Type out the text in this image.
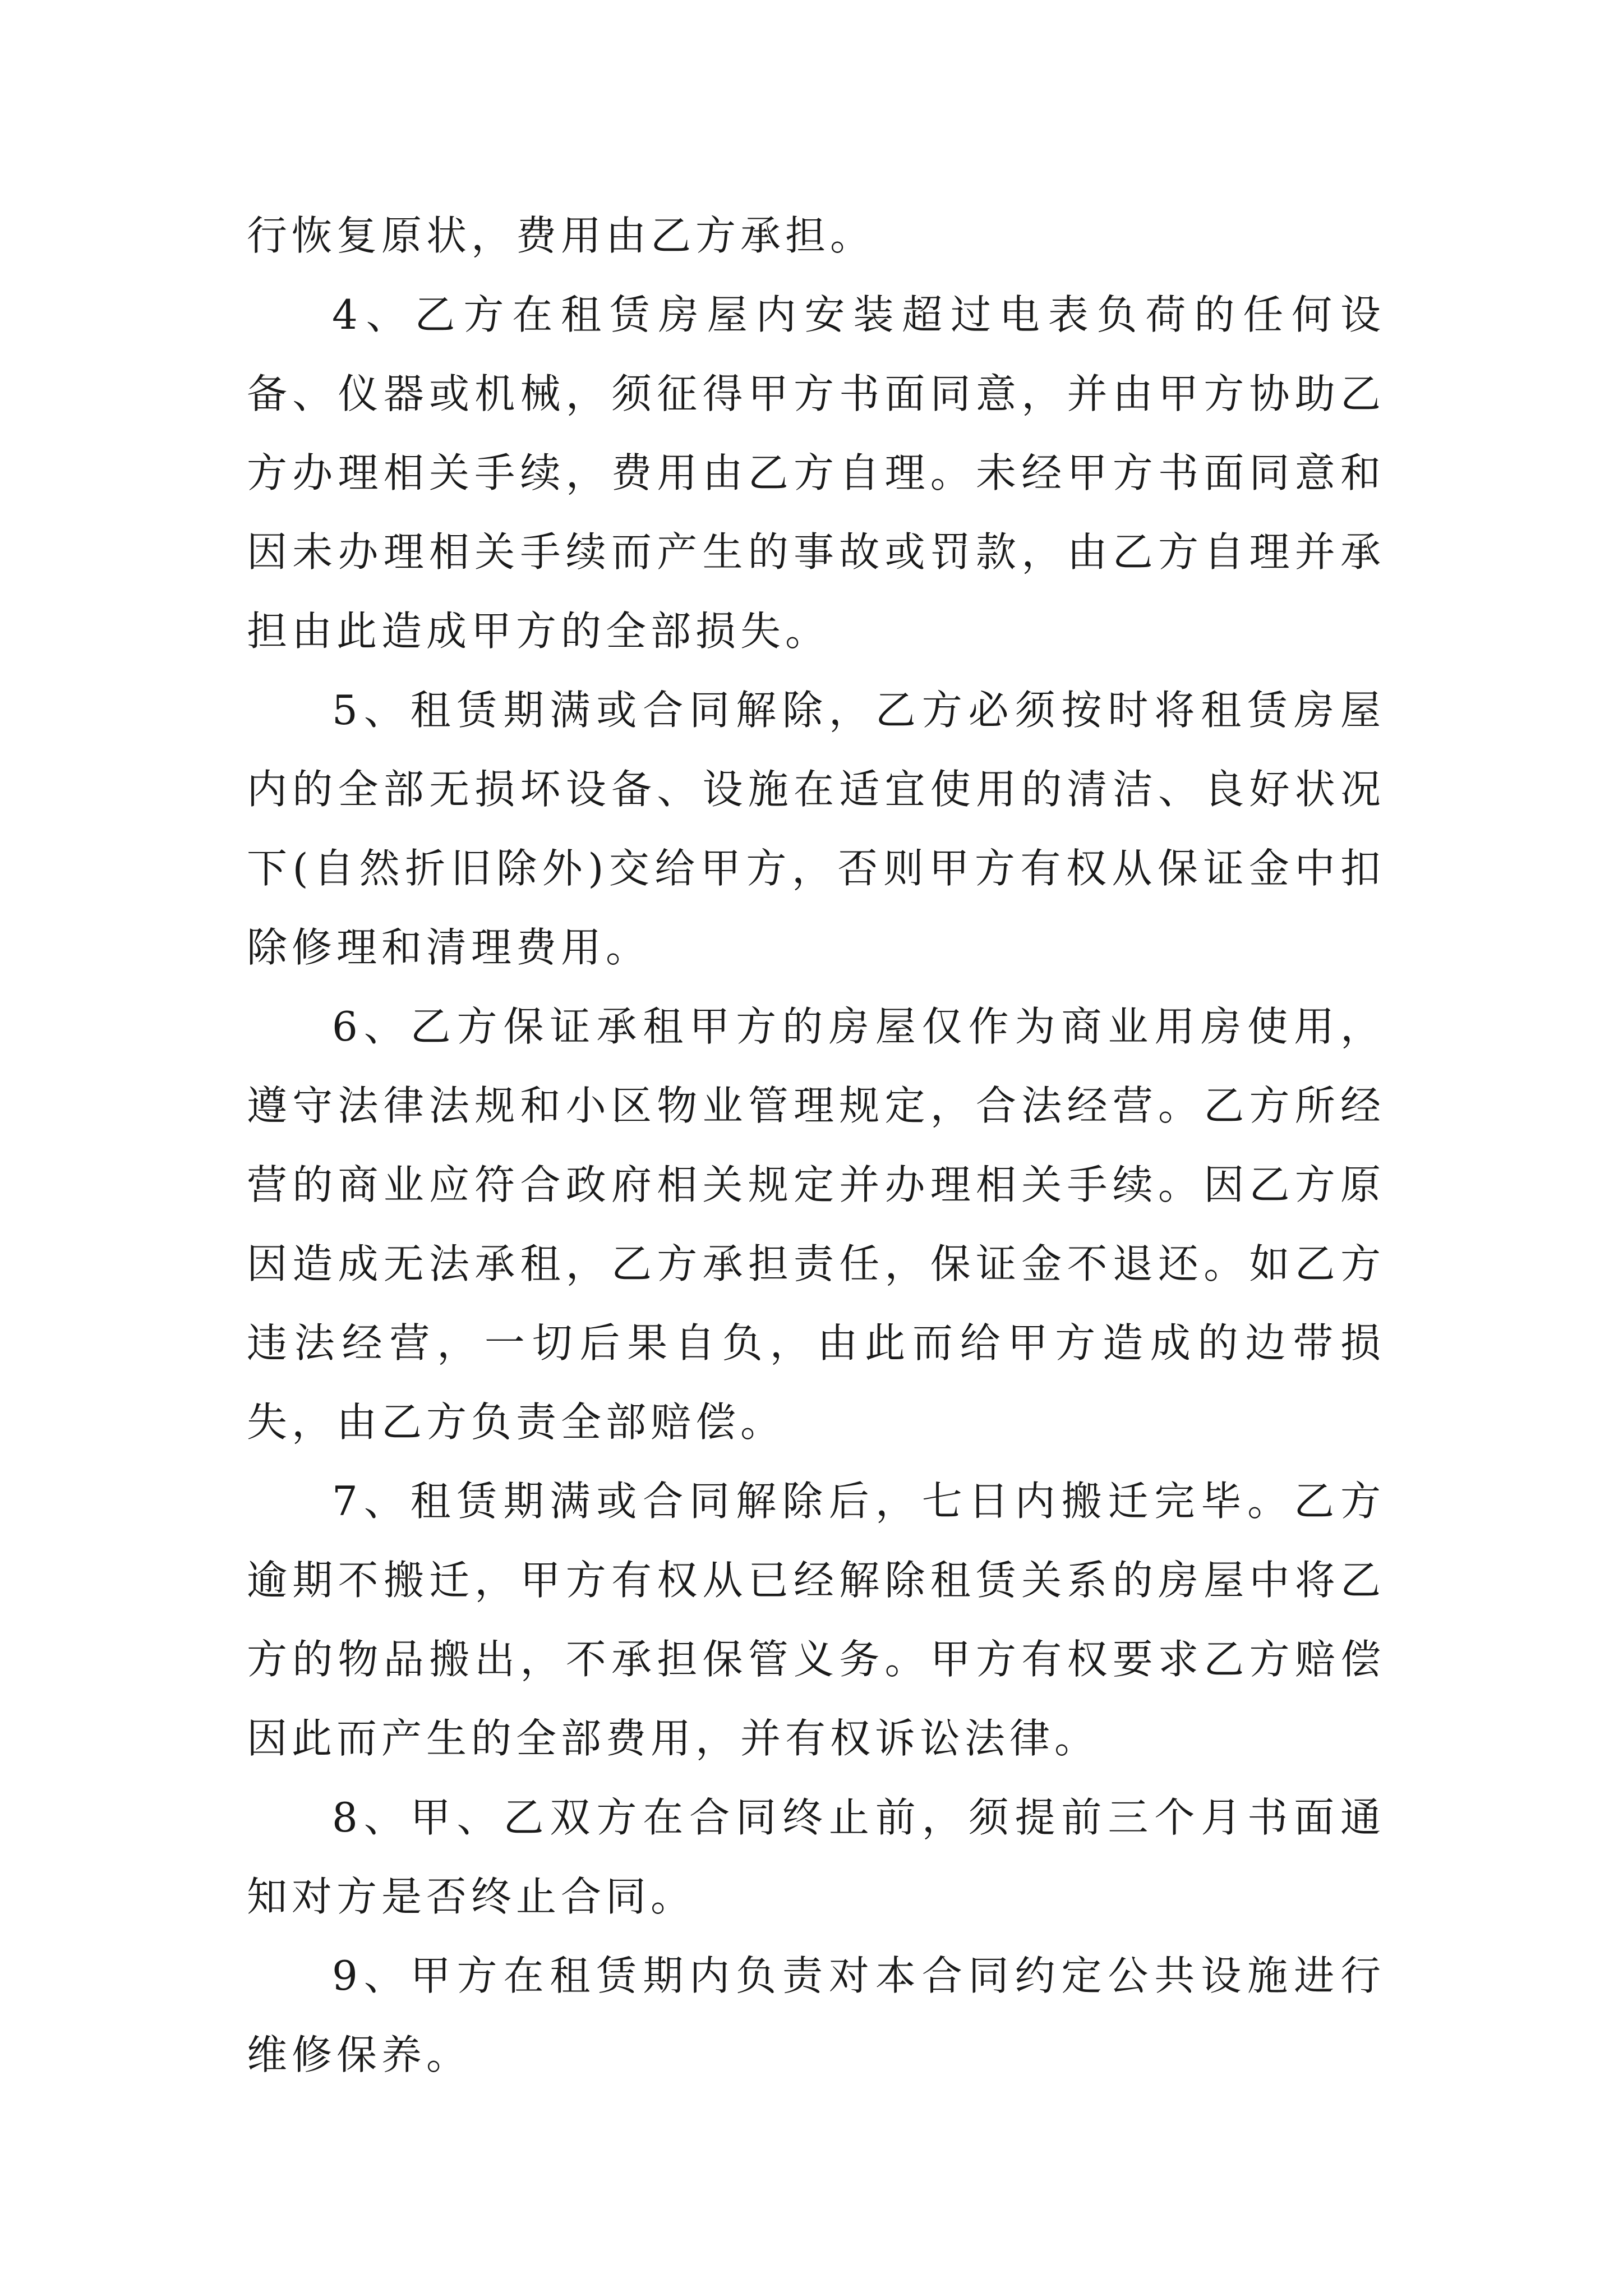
行恢复原状，费用由乙方承担。

4、乙方在租赁房屋内安装超过电表负荷的任何设备、仪器或机械，须征得甲方书面同意，并由甲方协助乙方办理相关手续，费用由乙方自理。未经甲方书面同意和因未办理相关手续而产生的事故或罚款，由乙方自理并承担由此造成甲方的全部损失。

5、租赁期满或合同解除，乙方必须按时将租赁房屋内的全部无损坏设备、设施在适宜使用的清洁、良好状况下(自然折旧除外)交给甲方，否则甲方有权从保证金中扣除修理和清理费用。

6、乙方保证承租甲方的房屋仅作为商业用房使用，遵守法律法规和小区物业管理规定，合法经营。乙方所经营的商业应符合政府相关规定并办理相关手续。因乙方原因造成无法承租，乙方承担责任，保证金不退还。如乙方违法经营，一切后果自负，由此而给甲方造成的边带损失，由乙方负责全部赔偿。

7、租赁期满或合同解除后，七日内搬迁完毕。乙方逾期不搬迁，甲方有权从已经解除租赁关系的房屋中将乙方的物品搬出，不承担保管义务。甲方有权要求乙方赔偿因此而产生的全部费用，并有权诉讼法律。

8、甲、乙双方在合同终止前，须提前三个月书面通知对方是否终止合同。

9、甲方在租赁期内负责对本合同约定公共设施进行维修保养。
